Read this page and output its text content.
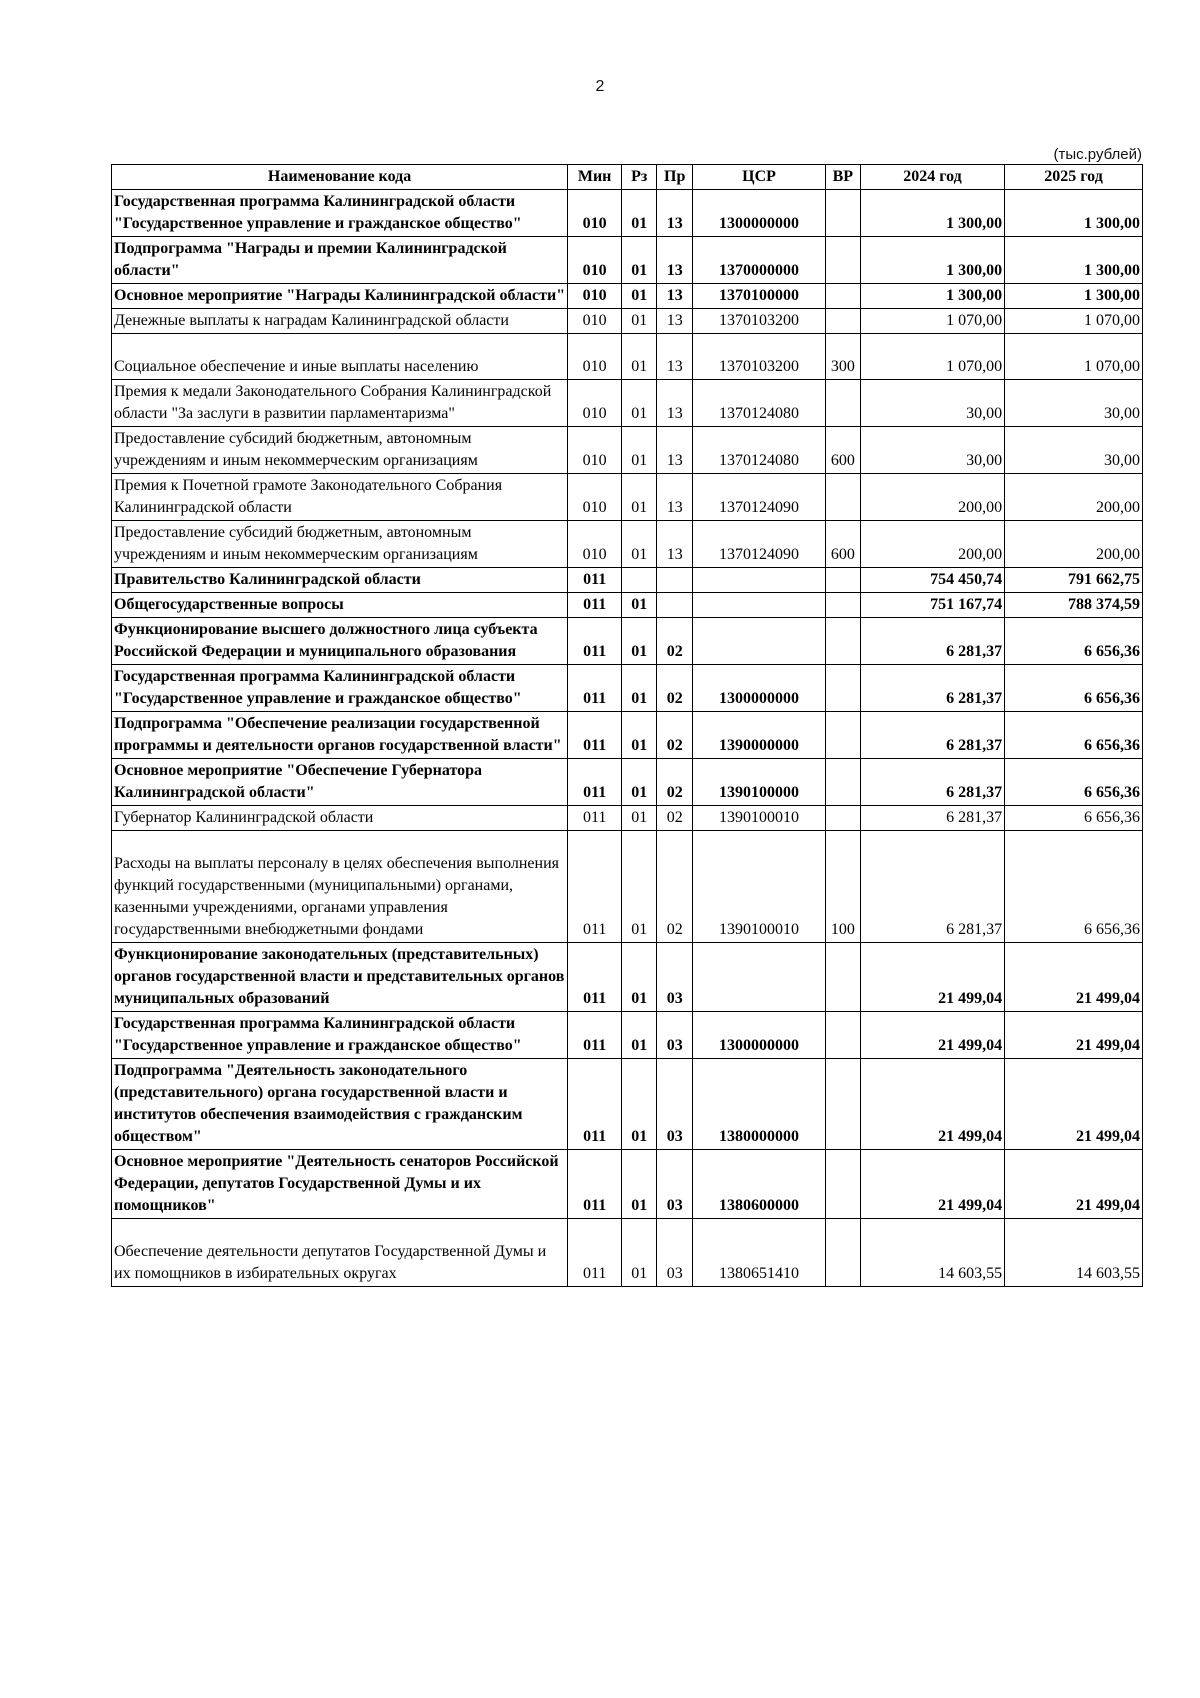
2
(тыс.рублей)
Наименование кода	Мин	Рз	Пр	ЦСР	ВР	2024 год	2025 год
Государственная программа Калининградской области "Государственное управление и гражданское общество"	010	01	13	1300000000		1 300,00	1 300,00
Подпрограмма "Награды и премии Калининградской области"	010	01	13	1370000000		1 300,00	1 300,00
Основное мероприятие "Награды Калининградской области"	010	01	13	1370100000		1 300,00	1 300,00
Денежные выплаты к наградам Калининградской области	010	01	13	1370103200		1 070,00	1 070,00
Социальное обеспечение и иные выплаты населению	010	01	13	1370103200	300	1 070,00	1 070,00
Премия к медали Законодательного Собрания Калининградской области "За заслуги в развитии парламентаризма"	010	01	13	1370124080		30,00	30,00
Предоставление субсидий бюджетным, автономным учреждениям и иным некоммерческим организациям	010	01	13	1370124080	600	30,00	30,00
Премия к Почетной грамоте Законодательного Собрания Калининградской области	010	01	13	1370124090		200,00	200,00
Предоставление субсидий бюджетным, автономным учреждениям и иным некоммерческим организациям	010	01	13	1370124090	600	200,00	200,00
Правительство Калининградской области	011					754 450,74	791 662,75
Общегосударственные вопросы	011	01				751 167,74	788 374,59
Функционирование высшего должностного лица субъекта Российской Федерации и муниципального образования	011	01	02			6 281,37	6 656,36
Государственная программа Калининградской области "Государственное управление и гражданское общество"	011	01	02	1300000000		6 281,37	6 656,36
Подпрограмма "Обеспечение реализации государственной программы и деятельности органов государственной власти"	011	01	02	1390000000		6 281,37	6 656,36
Основное мероприятие "Обеспечение Губернатора Калининградской области"	011	01	02	1390100000		6 281,37	6 656,36
Губернатор Калининградской области	011	01	02	1390100010		6 281,37	6 656,36
Расходы на выплаты персоналу в целях обеспечения выполнения функций государственными (муниципальными) органами, казенными учреждениями, органами управления государственными внебюджетными фондами	011	01	02	1390100010	100	6 281,37	6 656,36
Функционирование законодательных (представительных) органов государственной власти и представительных органов муниципальных образований	011	01	03			21 499,04	21 499,04
Государственная программа Калининградской области "Государственное управление и гражданское общество"	011	01	03	1300000000		21 499,04	21 499,04
Подпрограмма "Деятельность законодательного (представительного) органа государственной власти и институтов обеспечения взаимодействия с гражданским обществом"	011	01	03	1380000000		21 499,04	21 499,04
Основное мероприятие "Деятельность сенаторов Российской Федерации, депутатов Государственной Думы и их помощников"	011	01	03	1380600000		21 499,04	21 499,04
Обеспечение деятельности депутатов Государственной Думы и их помощников в избирательных округах	011	01	03	1380651410		14 603,55	14 603,55
